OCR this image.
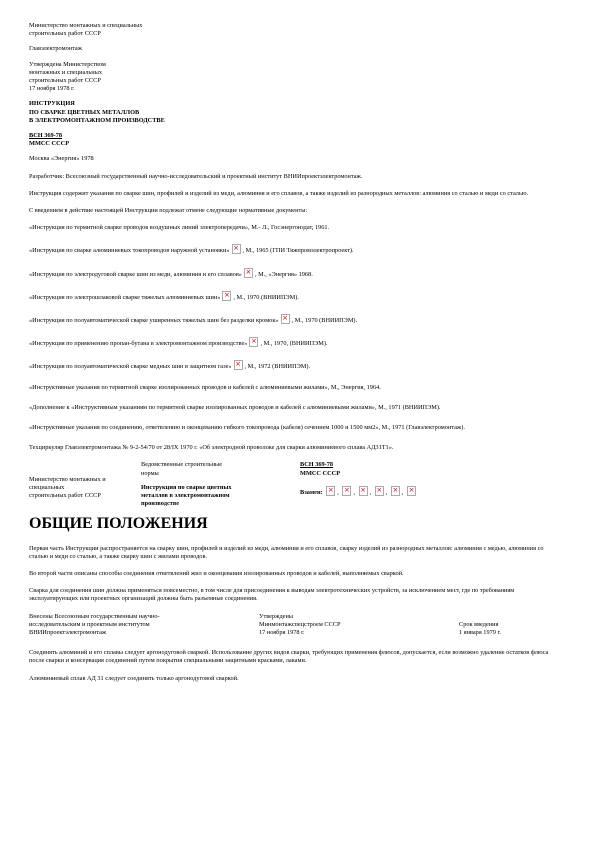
Министерство монтажных и специальных

строительных работ СССР

Главэлектромонтаж

Утверждена Министерством

монтажных и специальных

строительных работ СССР

17 ноября 1978 г.

ИНСТРУКЦИЯ

ПО СВАРКЕ ЦВЕТНЫХ МЕТАЛЛОВ

В ЭЛЕКТРОМОНТАЖНОМ ПРОИЗВОДСТВЕ

ВСН 369-78

ММСС СССР

Москва «Энергия» 1978

Разработчик: Всесоюзный государственный научно-исследовательский и проектный институт ВНИИпроектэлектромонтаж.

Инструкция содержит указания по сварке шин, профилей и изделий из меди, алюминия и его сплавов, а также изделий из разнородных металлов: алюминия со сталью и меди со сталью.

С введением в действие настоящей Инструкции подлежат отмене следующие нормативные документы:

«Инструкция по термитной сварке проводов воздушных линий электропередачи», М.- Л., Госэнергоиздат, 1961.

«Инструкция по сварке алюминиевых токопроводов наружной установки» × , М., 1965 (ГПИ Тяжпромэлектропроект).

«Инструкция по электродуговой сварке шин из меди, алюминия и его сплавов» × , М., «Энергия» 1968.

«Инструкция по электрошлаковой сварке тяжелых алюминиевых шин» × , М., 1970 (ВНИИПЭМ).

«Инструкция по полуавтоматической сварке уширенных тяжелых шин без разделки кромок» × , М., 1970 (ВНИИПЭМ).

«Инструкция по применению пропан-бутана в электромонтажном производстве» × , М., 1970, (ВНИИПЭМ).

«Инструкция по полуавтоматической сварке медных шин в защитном газе» × , М., 1972 (ВНИИПЭМ).

«Инструктивные указания по термитной сварке изолированных проводов и кабелей с алюминиевыми жилами», М., Энергия, 1964.

«Дополнение к «Инструктивным указаниям по термитной сварке изолированных проводов и кабелей с алюминиевыми жилами», М., 1971 (ВНИИПЭМ).

«Инструктивные указания по соединению, ответвлению и оконцеванию гибкого токопровода (кабеля) сечением 1000 и 1500 мм2», М., 1971 (Главэлектромонтаж).

Техциркуляр Главэлектромонтажа № 9-2-54/70 от 28/IX 1970 г. «Об электродной проволоке для сварки алюминиевого сплава АД31Т1».

Министерство монтажных и специальных
строительных работ СССР

Ведомственные строительные
нормы
Инструкция по сварке цветных
металлов в электромонтажном
производстве

ВСН 369-78
ММСС СССР
Взамен: × , ×, ×, ×, ×, ×
ОБЩИЕ ПОЛОЖЕНИЯ

Первая часть Инструкции распространяется на сварку шин, профилей и изделий из меди, алюминия и его сплавов, сварку изделий из разнородных металлов: алюминия с медью, алюминия со сталью и меди со сталью, а также сварку шин с жилами проводов.

Во второй части описаны способы соединения ответвлений жил и оконцевания изолированных проводов и кабелей, выполняемых сваркой.

Сварка для соединения шин должна применяться повсеместно, в том числе для присоединения к выводам электротехнических устройств, за исключением мест, где по требованиям эксплуатирующих или проектных организаций должны быть разъемные соединения.

Внесены Всесоюзным государственным научно-
исследовательским и проектным институтом
ВНИИпроектэлектромонтаж

Утверждены
Минмонтажспецстроем СССР
17 ноября 1978 г.

Срок введения
1 января 1979 г.

Соединять алюминий и его сплавы следует аргонодуговой сваркой. Использование других видов сварки, требующих применения флюсов, допускается, если возможно удаление остатков флюса после сварки и консервация соединений путем покрытия специальными защитными красками, лаками.

Алюминиевый сплав АД 31 следует соединять только аргонодуговой сваркой.
